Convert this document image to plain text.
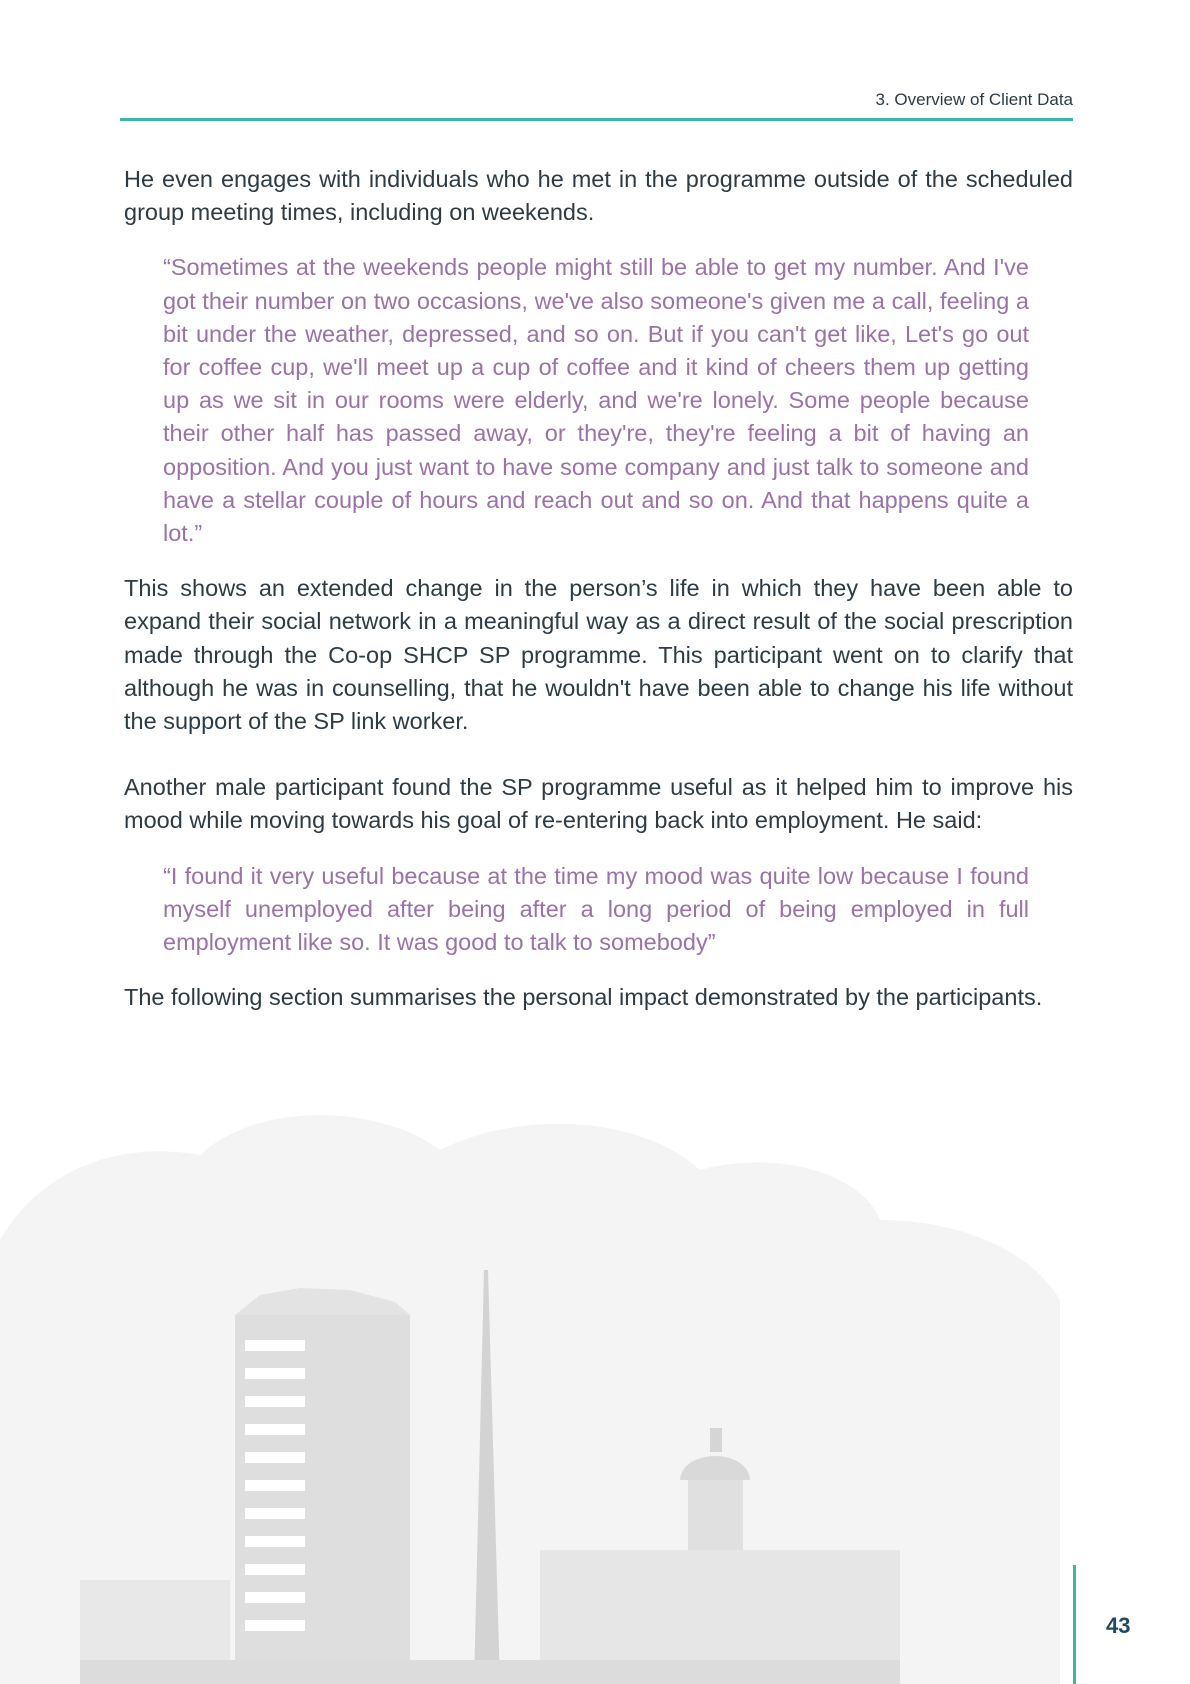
3. Overview of Client Data

He even engages with individuals who he met in the programme outside of the scheduled group meeting times, including on weekends.

“Sometimes at the weekends people might still be able to get my number. And I've got their number on two occasions, we've also someone's given me a call, feeling a bit under the weather, depressed, and so on. But if you can't get like, Let's go out for coffee cup, we'll meet up a cup of coffee and it kind of cheers them up getting up as we sit in our rooms were elderly, and we're lonely. Some people because their other half has passed away, or they're, they're feeling a bit of having an opposition. And you just want to have some company and just talk to someone and have a stellar couple of hours and reach out and so on. And that happens quite a lot.”

This shows an extended change in the person’s life in which they have been able to expand their social network in a meaningful way as a direct result of the social prescription made through the Co-op SHCP SP programme. This participant went on to clarify that although he was in counselling, that he wouldn't have been able to change his life without the support of the SP link worker.

Another male participant found the SP programme useful as it helped him to improve his mood while moving towards his goal of re-entering back into employment. He said:

“I found it very useful because at the time my mood was quite low because I found myself unemployed after being after a long period of being employed in full employment like so. It was good to talk to somebody”

The following section summarises the personal impact demonstrated by the participants.

43
